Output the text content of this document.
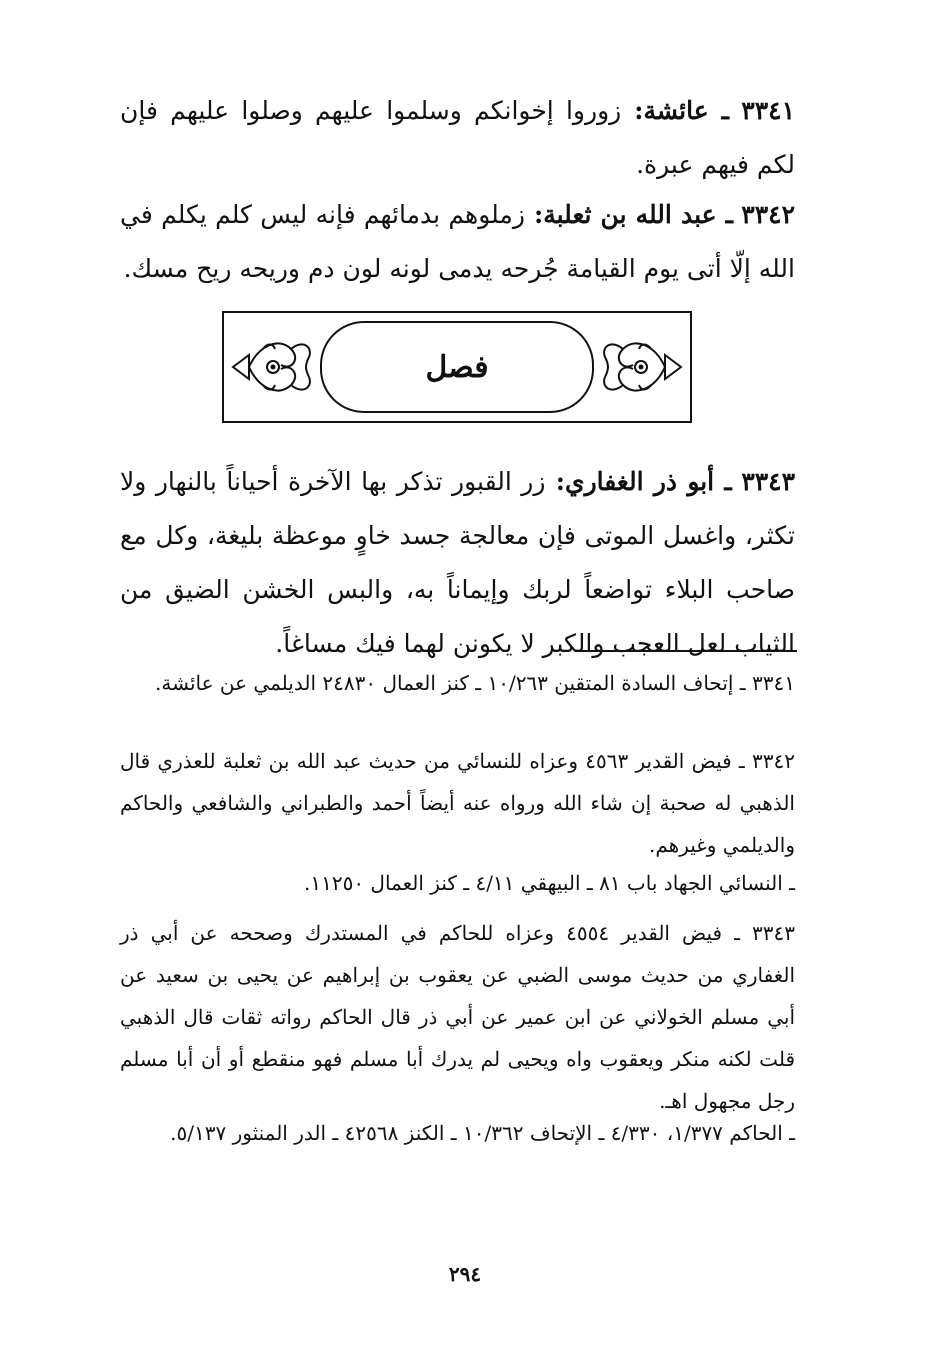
٣٣٤١ ـ عائشة: زوروا إخوانكم وسلموا عليهم وصلوا عليهم فإن لكم فيهم عبرة.

٣٣٤٢ ـ عبد الله بن ثعلبة: زملوهم بدمائهم فإنه ليس كلم يكلم في الله إلّا أتى يوم القيامة جُرحه يدمى لونه لون دم وريحه ريح مسك.

فصل

٣٣٤٣ ـ أبو ذر الغفاري: زر القبور تذكر بها الآخرة أحياناً بالنهار ولا تكثر، واغسل الموتى فإن معالجة جسد خاوٍ موعظة بليغة، وكل مع صاحب البلاء تواضعاً لربك وإيماناً به، والبس الخشن الضيق من الثياب لعل العجب والكبر لا يكونن لهما فيك مساغاً.

٣٣٤١ ـ إتحاف السادة المتقين ١٠/٢٦٣ ـ كنز العمال ٢٤٨٣٠ الديلمي عن عائشة.

٣٣٤٢ ـ فيض القدير ٤٥٦٣ وعزاه للنسائي من حديث عبد الله بن ثعلبة للعذري قال الذهبي له صحبة إن شاء الله ورواه عنه أيضاً أحمد والطبراني والشافعي والحاكم والديلمي وغيرهم.

ـ النسائي الجهاد باب ٨١ ـ البيهقي ٤/١١ ـ كنز العمال ١١٢٥٠.

٣٣٤٣ ـ فيض القدير ٤٥٥٤ وعزاه للحاكم في المستدرك وصححه عن أبي ذر الغفاري من حديث موسى الضبي عن يعقوب بن إبراهيم عن يحيى بن سعيد عن أبي مسلم الخولاني عن ابن عمير عن أبي ذر قال الحاكم رواته ثقات قال الذهبي قلت لكنه منكر ويعقوب واه ويحيى لم يدرك أبا مسلم فهو منقطع أو أن أبا مسلم رجل مجهول اهـ.

ـ الحاكم ١/٣٧٧، ٤/٣٣٠ ـ الإتحاف ١٠/٣٦٢ ـ الكنز ٤٢٥٦٨ ـ الدر المنثور ٥/١٣٧.

٢٩٤
